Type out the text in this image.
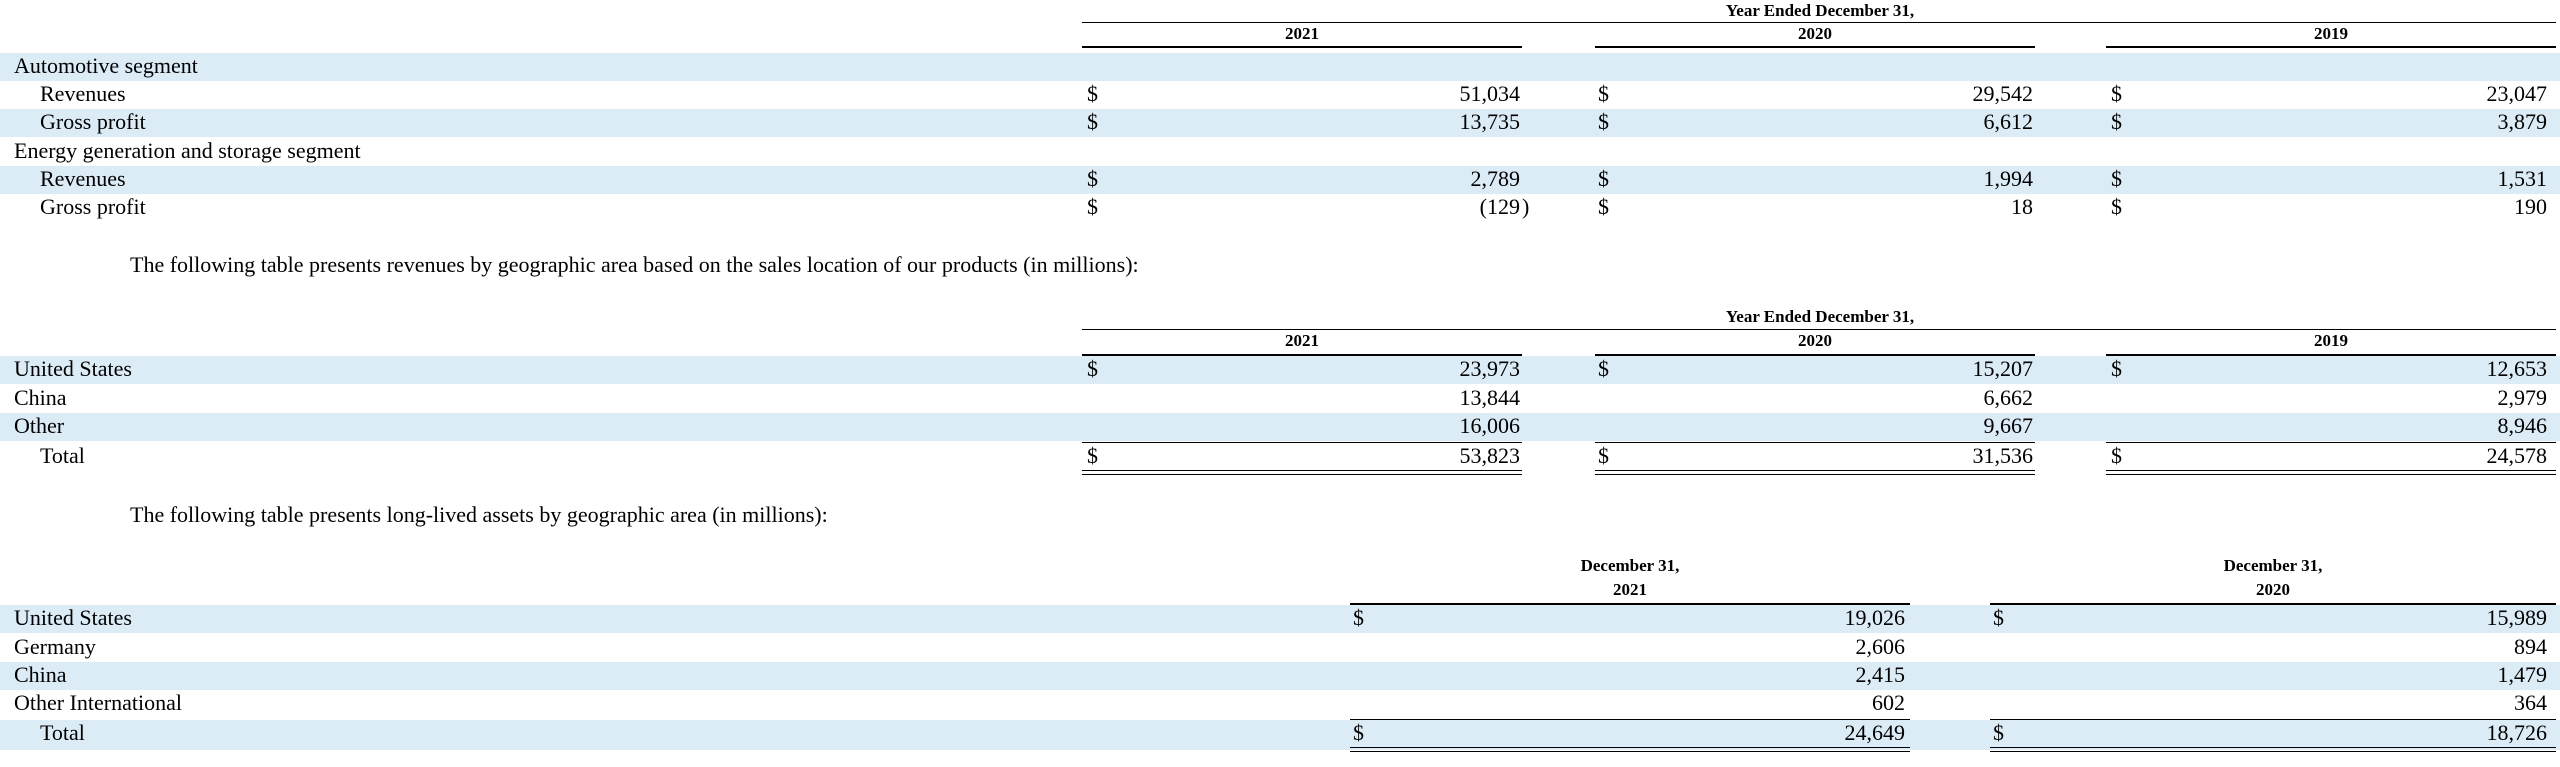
Year Ended December 31,
2021	2020	2019
Automotive segment
Revenues	$	51,034	$	29,542	$	23,047
Gross profit	$	13,735	$	6,612	$	3,879
Energy generation and storage segment
Revenues	$	2,789	$	1,994	$	1,531
Gross profit	$	(129 )	$	18	$	190
The following table presents revenues by geographic area based on the sales location of our products (in millions):
Year Ended December 31,
2021	2020	2019
United States	$	23,973	$	15,207	$	12,653
China	13,844	6,662	2,979
Other	16,006	9,667	8,946
Total	$	53,823	$	31,536	$	24,578
The following table presents long-lived assets by geographic area (in millions):
December 31,
2021
December 31,
2020
United States	$	19,026	$	15,989
Germany	2,606	894
China	2,415	1,479
Other International	602	364
Total	$	24,649	$	18,726
